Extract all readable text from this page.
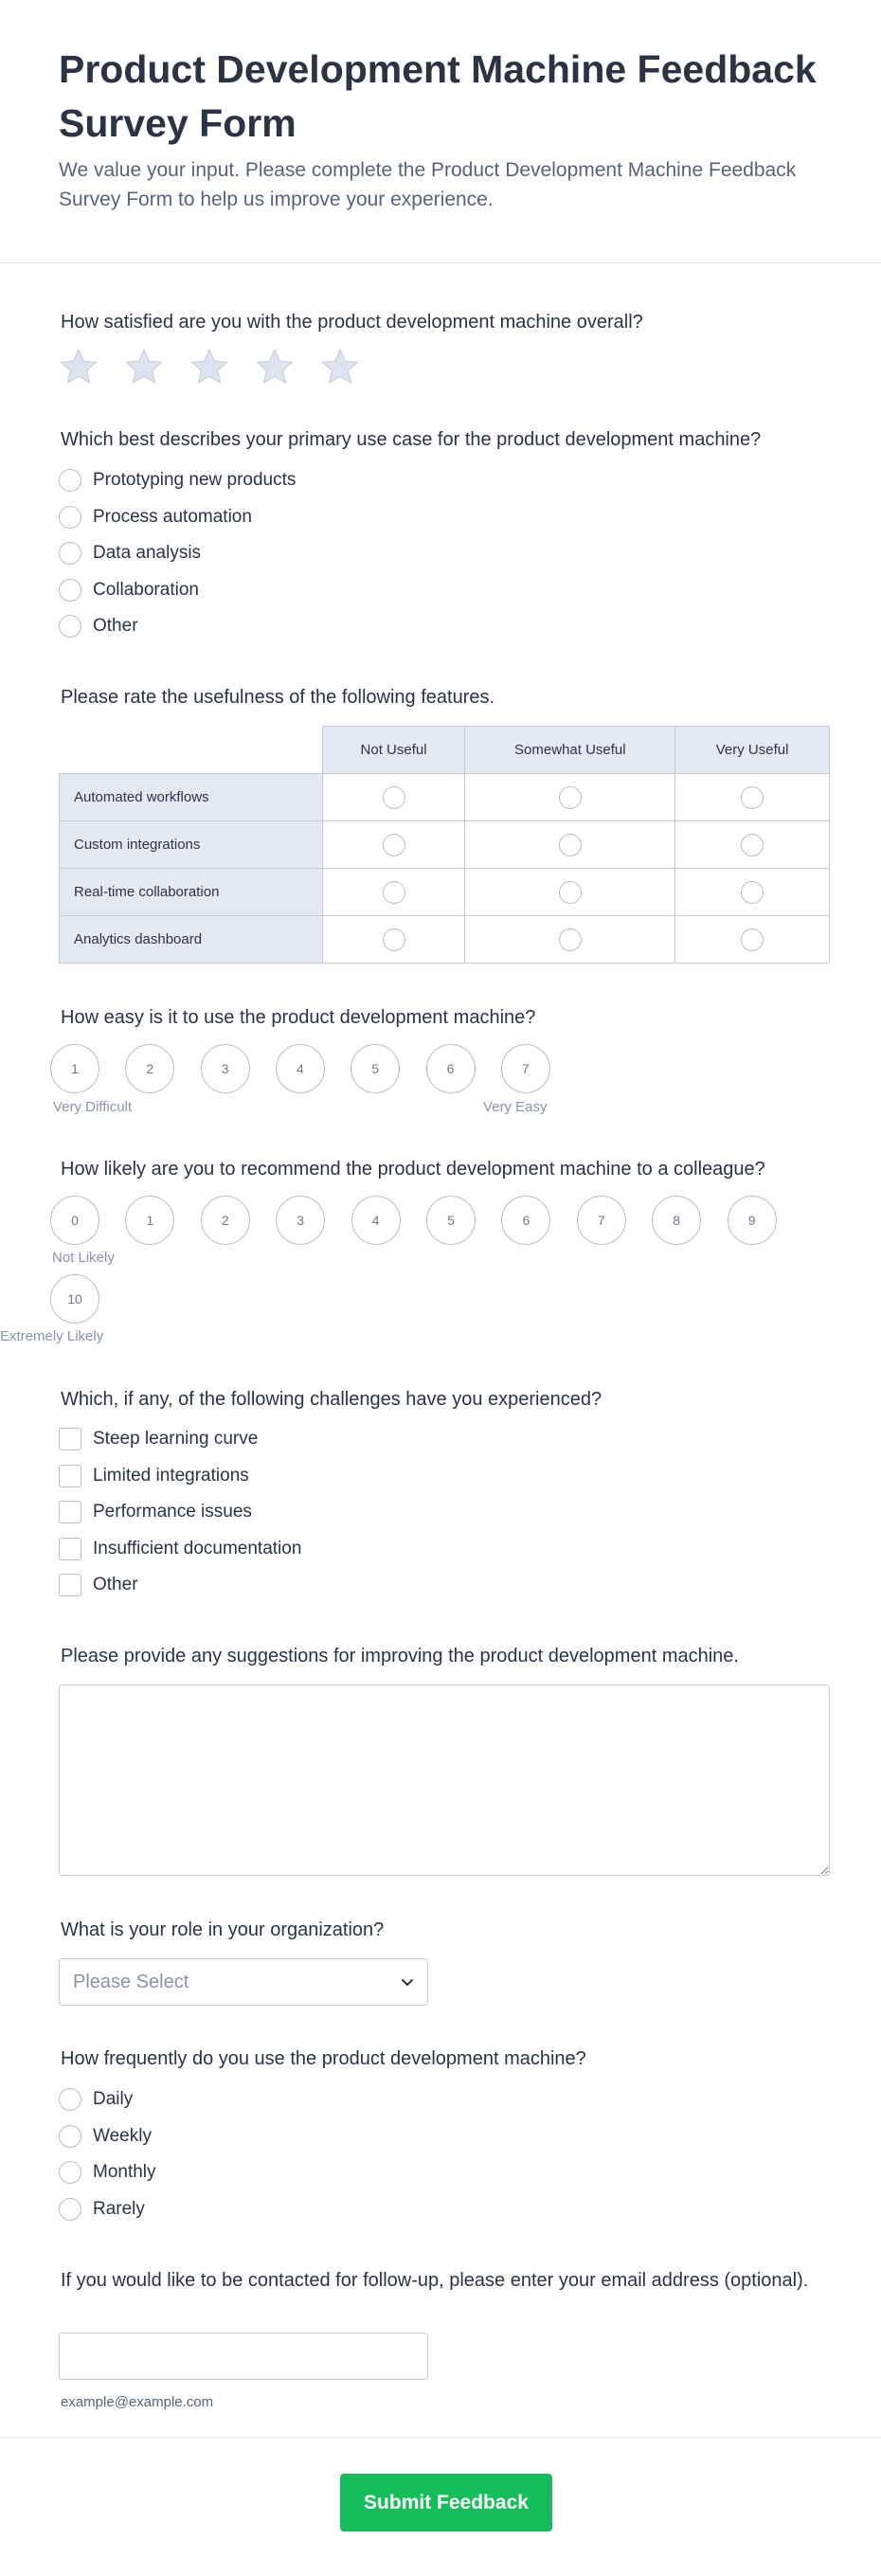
Product Development Machine Feedback Survey Form
We value your input. Please complete the Product Development Machine Feedback Survey Form to help us improve your experience.
How satisfied are you with the product development machine overall?
Which best describes your primary use case for the product development machine?
Prototyping new products
Process automation
Data analysis
Collaboration
Other
Please rate the usefulness of the following features.
	Not Useful	Somewhat Useful	Very Useful
Automated workflows			
Custom integrations			
Real-time collaboration			
Analytics dashboard			
How easy is it to use the product development machine?
1	2	3	4	5	6	7
Very Difficult	Very Easy
How likely are you to recommend the product development machine to a colleague?
0	1	2	3	4	5	6	7	8	9
10
Not Likely
Extremely Likely
Which, if any, of the following challenges have you experienced?
Steep learning curve
Limited integrations
Performance issues
Insufficient documentation
Other
Please provide any suggestions for improving the product development machine.
What is your role in your organization?
Please Select
How frequently do you use the product development machine?
Daily
Weekly
Monthly
Rarely
If you would like to be contacted for follow-up, please enter your email address (optional).
example@example.com
Submit Feedback
